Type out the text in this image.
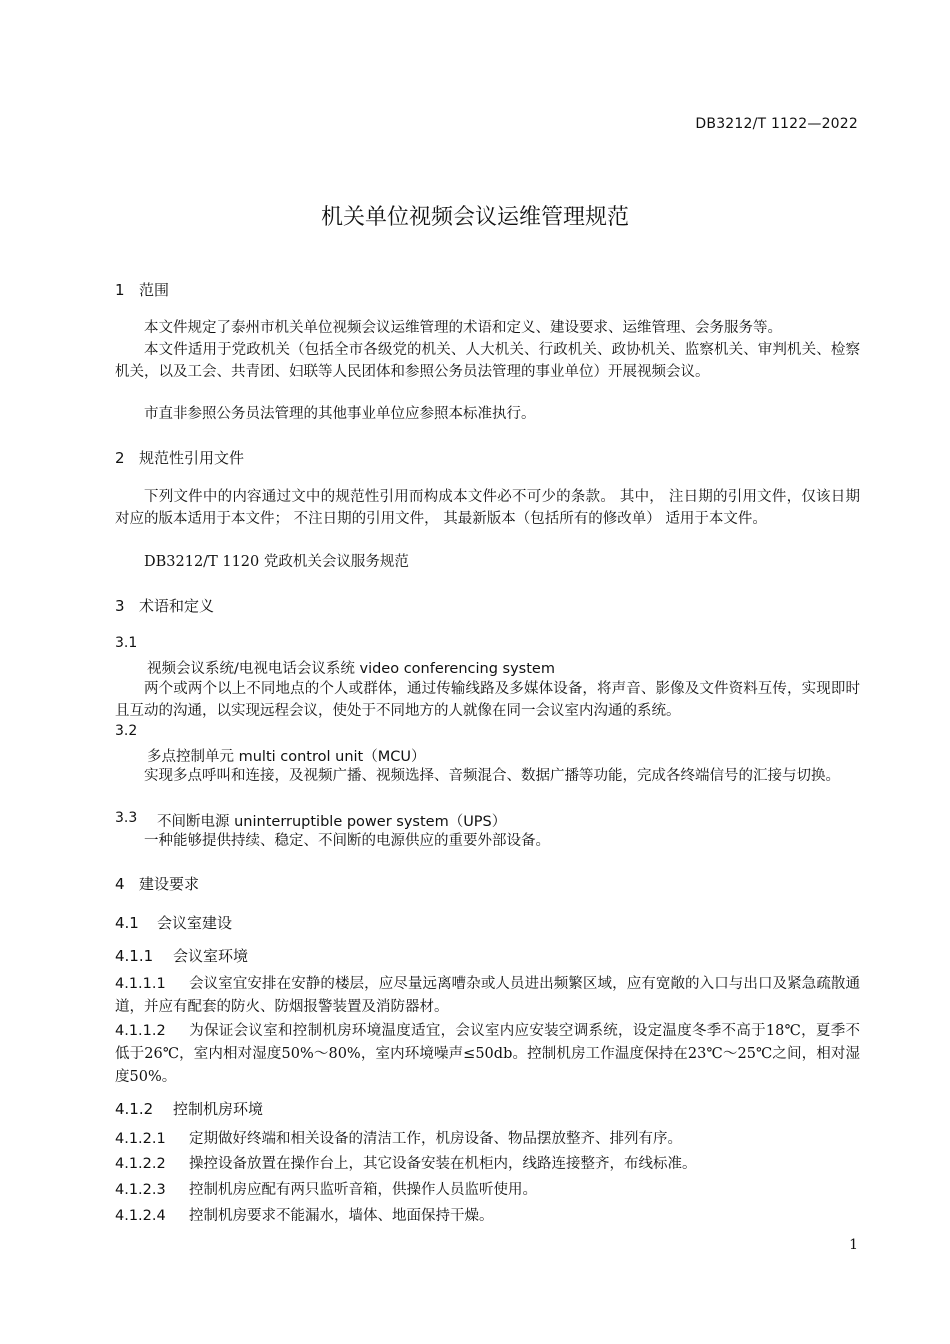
DB3212/T 1122—2022
机关单位视频会议运维管理规范
1 范围
本文件规定了泰州市机关单位视频会议运维管理的术语和定义、建设要求、运维管理、会务服务等。
本文件适用于党政机关（包括全市各级党的机关、人大机关、行政机关、政协机关、监察机关、审判机关、检察机关，以及工会、共青团、妇联等人民团体和参照公务员法管理的事业单位）开展视频会议。
市直非参照公务员法管理的其他事业单位应参照本标准执行。
2 规范性引用文件
下列文件中的内容通过文中的规范性引用而构成本文件必不可少的条款。 其中， 注日期的引用文件，仅该日期对应的版本适用于本文件； 不注日期的引用文件， 其最新版本（包括所有的修改单） 适用于本文件。
DB3212/T 1120 党政机关会议服务规范
3 术语和定义
3.1
视频会议系统/电视电话会议系统 video conferencing system
两个或两个以上不同地点的个人或群体，通过传输线路及多媒体设备，将声音、影像及文件资料互传，实现即时且互动的沟通，以实现远程会议，使处于不同地方的人就像在同一会议室内沟通的系统。
3.2
多点控制单元 multi control unit（MCU）
实现多点呼叫和连接，及视频广播、视频选择、音频混合、数据广播等功能，完成各终端信号的汇接与切换。
3.3 不间断电源 uninterruptible power system（UPS）
一种能够提供持续、稳定、不间断的电源供应的重要外部设备。
4 建设要求
4.1 会议室建设
4.1.1 会议室环境
4.1.1.1 会议室宜安排在安静的楼层，应尽量远离嘈杂或人员进出频繁区域，应有宽敞的入口与出口及紧急疏散通道，并应有配套的防火、防烟报警装置及消防器材。
4.1.1.2 为保证会议室和控制机房环境温度适宜，会议室内应安装空调系统，设定温度冬季不高于18℃，夏季不低于26℃，室内相对湿度50%～80%，室内环境噪声≤50db。控制机房工作温度保持在23℃～25℃之间，相对湿度50%。
4.1.2 控制机房环境
4.1.2.1 定期做好终端和相关设备的清洁工作，机房设备、物品摆放整齐、排列有序。
4.1.2.2 操控设备放置在操作台上，其它设备安装在机柜内，线路连接整齐，布线标准。
4.1.2.3 控制机房应配有两只监听音箱，供操作人员监听使用。
4.1.2.4 控制机房要求不能漏水，墙体、地面保持干燥。
1
